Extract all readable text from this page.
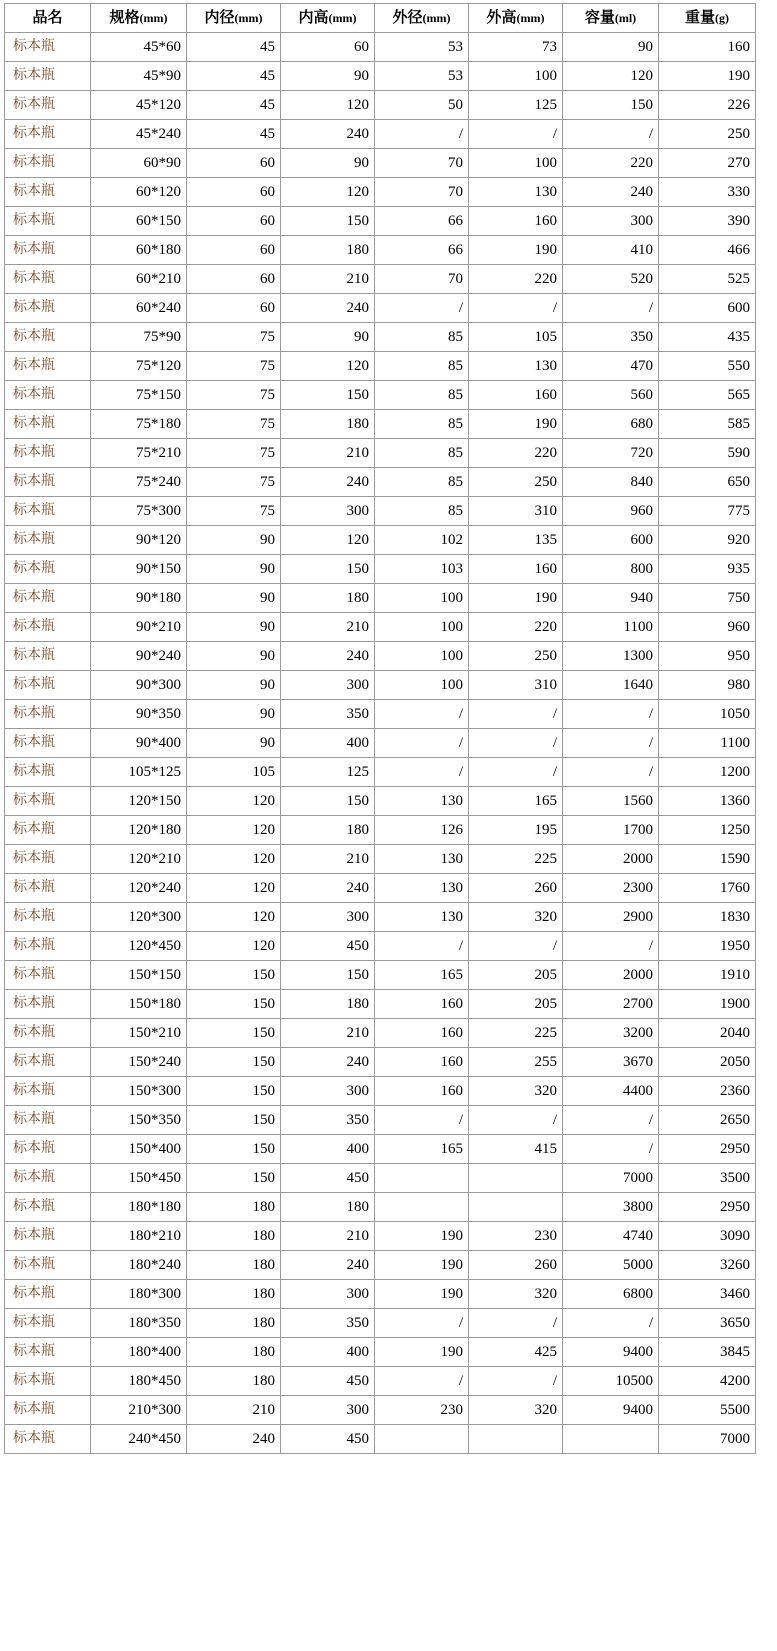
品名	规格(mm)	内径(mm)	内高(mm)	外径(mm)	外高(mm)	容量(ml)	重量(g)
标本瓶	45*60	45	60	53	73	90	160
标本瓶	45*90	45	90	53	100	120	190
标本瓶	45*120	45	120	50	125	150	226
标本瓶	45*240	45	240	/	/	/	250
标本瓶	60*90	60	90	70	100	220	270
标本瓶	60*120	60	120	70	130	240	330
标本瓶	60*150	60	150	66	160	300	390
标本瓶	60*180	60	180	66	190	410	466
标本瓶	60*210	60	210	70	220	520	525
标本瓶	60*240	60	240	/	/	/	600
标本瓶	75*90	75	90	85	105	350	435
标本瓶	75*120	75	120	85	130	470	550
标本瓶	75*150	75	150	85	160	560	565
标本瓶	75*180	75	180	85	190	680	585
标本瓶	75*210	75	210	85	220	720	590
标本瓶	75*240	75	240	85	250	840	650
标本瓶	75*300	75	300	85	310	960	775
标本瓶	90*120	90	120	102	135	600	920
标本瓶	90*150	90	150	103	160	800	935
标本瓶	90*180	90	180	100	190	940	750
标本瓶	90*210	90	210	100	220	1100	960
标本瓶	90*240	90	240	100	250	1300	950
标本瓶	90*300	90	300	100	310	1640	980
标本瓶	90*350	90	350	/	/	/	1050
标本瓶	90*400	90	400	/	/	/	1100
标本瓶	105*125	105	125	/	/	/	1200
标本瓶	120*150	120	150	130	165	1560	1360
标本瓶	120*180	120	180	126	195	1700	1250
标本瓶	120*210	120	210	130	225	2000	1590
标本瓶	120*240	120	240	130	260	2300	1760
标本瓶	120*300	120	300	130	320	2900	1830
标本瓶	120*450	120	450	/	/	/	1950
标本瓶	150*150	150	150	165	205	2000	1910
标本瓶	150*180	150	180	160	205	2700	1900
标本瓶	150*210	150	210	160	225	3200	2040
标本瓶	150*240	150	240	160	255	3670	2050
标本瓶	150*300	150	300	160	320	4400	2360
标本瓶	150*350	150	350	/	/	/	2650
标本瓶	150*400	150	400	165	415	/	2950
标本瓶	150*450	150	450			7000	3500
标本瓶	180*180	180	180			3800	2950
标本瓶	180*210	180	210	190	230	4740	3090
标本瓶	180*240	180	240	190	260	5000	3260
标本瓶	180*300	180	300	190	320	6800	3460
标本瓶	180*350	180	350	/	/	/	3650
标本瓶	180*400	180	400	190	425	9400	3845
标本瓶	180*450	180	450	/	/	10500	4200
标本瓶	210*300	210	300	230	320	9400	5500
标本瓶	240*450	240	450				7000
